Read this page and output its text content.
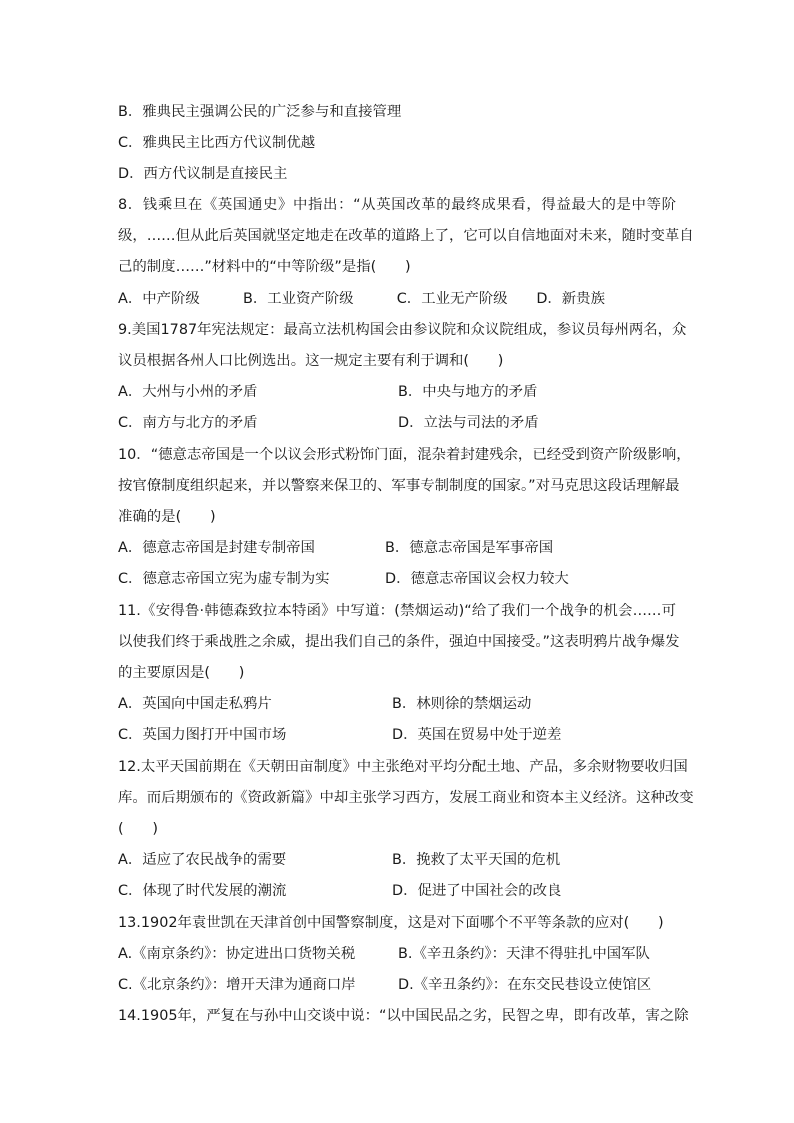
B．雅典民主强调公民的广泛参与和直接管理
C．雅典民主比西方代议制优越
D．西方代议制是直接民主
8．钱乘旦在《英国通史》中指出：“从英国改革的最终成果看，得益最大的是中等阶
级，……但从此后英国就坚定地走在改革的道路上了，它可以自信地面对未来，随时变革自
己的制度……”材料中的“中等阶级”是指(　　)
A．中产阶级　　　B．工业资产阶级　　　C．工业无产阶级　　D．新贵族
9.美国1787年宪法规定：最高立法机构国会由参议院和众议院组成，参议员每州两名，众
议员根据各州人口比例选出。这一规定主要有利于调和(　　)
A．大州与小州的矛盾	B．中央与地方的矛盾
C．南方与北方的矛盾	D．立法与司法的矛盾
10．“德意志帝国是一个以议会形式粉饰门面，混杂着封建残余，已经受到资产阶级影响，
按官僚制度组织起来，并以警察来保卫的、军事专制制度的国家。”对马克思这段话理解最
准确的是(　　)
A．德意志帝国是封建专制帝国	B．德意志帝国是军事帝国
C．德意志帝国立宪为虚专制为实	D．德意志帝国议会权力较大
11.《安得鲁·韩德森致拉本特函》中写道：(禁烟运动)“给了我们一个战争的机会……可
以使我们终于乘战胜之余威，提出我们自己的条件，强迫中国接受。”这表明鸦片战争爆发
的主要原因是(　　)
A．英国向中国走私鸦片	B．林则徐的禁烟运动
C．英国力图打开中国市场	D．英国在贸易中处于逆差
12.太平天国前期在《天朝田亩制度》中主张绝对平均分配土地、产品，多余财物要收归国
库。而后期颁布的《资政新篇》中却主张学习西方，发展工商业和资本主义经济。这种改变
(　　)
A．适应了农民战争的需要	B．挽救了太平天国的危机
C．体现了时代发展的潮流	D．促进了中国社会的改良
13.1902年袁世凯在天津首创中国警察制度，这是对下面哪个不平等条款的应对(　　)
A.《南京条约》：协定进出口货物关税	B.《辛丑条约》：天津不得驻扎中国军队
C.《北京条约》：增开天津为通商口岸	D.《辛丑条约》：在东交民巷设立使馆区
14.1905年，严复在与孙中山交谈中说：“以中国民品之劣，民智之卑，即有改革，害之除
